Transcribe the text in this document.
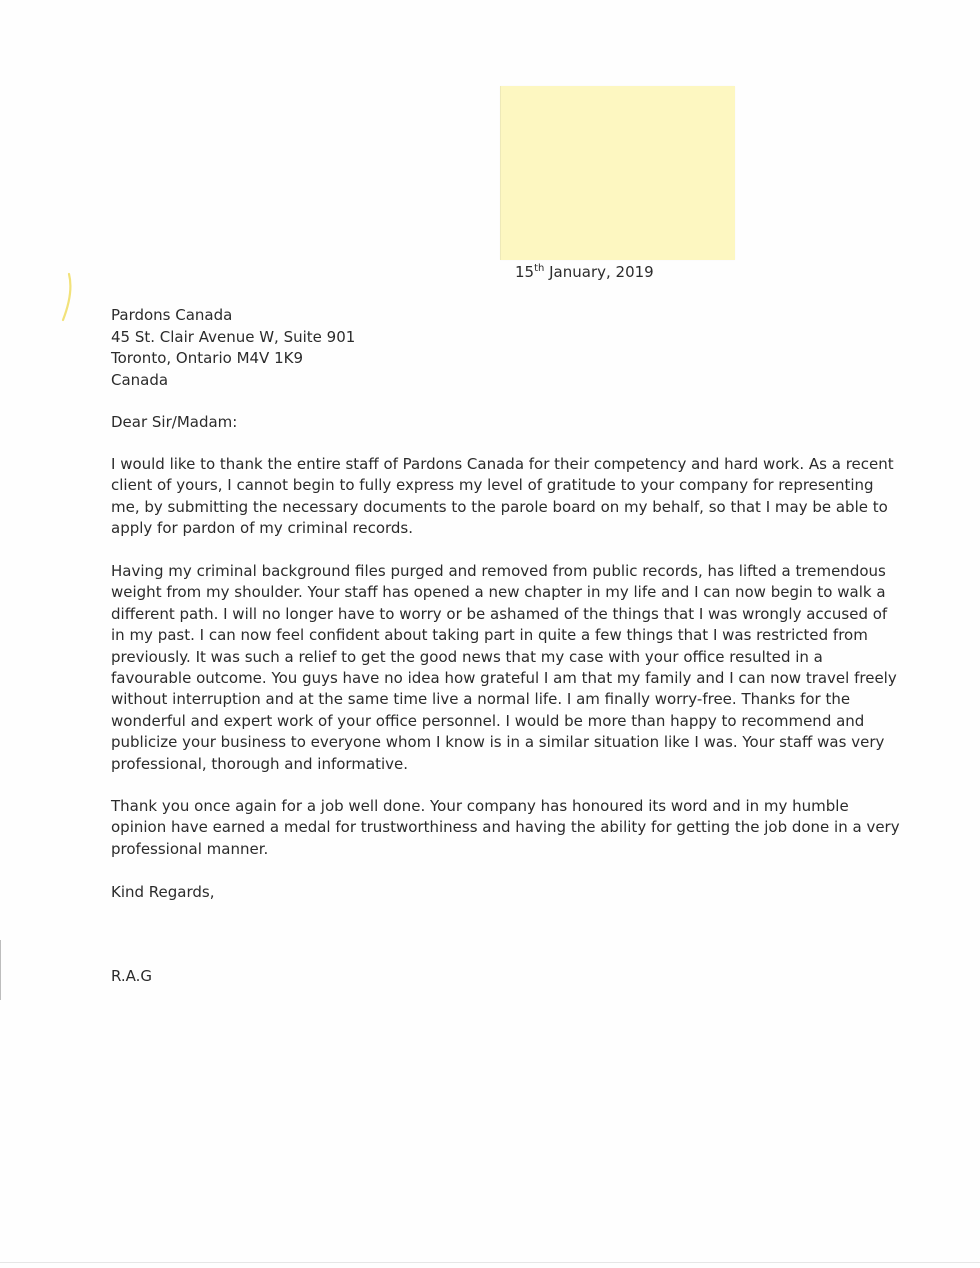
15th January, 2019
Pardons Canada
45 St. Clair Avenue W, Suite 901
Toronto, Ontario M4V 1K9
Canada
Dear Sir/Madam:

I would like to thank the entire staff of Pardons Canada for their competency and hard work. As a recent
client of yours, I cannot begin to fully express my level of gratitude to your company for representing
me, by submitting the necessary documents to the parole board on my behalf, so that I may be able to
apply for pardon of my criminal records.

Having my criminal background files purged and removed from public records, has lifted a tremendous
weight from my shoulder. Your staff has opened a new chapter in my life and I can now begin to walk a
different path. I will no longer have to worry or be ashamed of the things that I was wrongly accused of
in my past. I can now feel confident about taking part in quite a few things that I was restricted from
previously. It was such a relief to get the good news that my case with your office resulted in a
favourable outcome. You guys have no idea how grateful I am that my family and I can now travel freely
without interruption and at the same time live a normal life. I am finally worry-free. Thanks for the
wonderful and expert work of your office personnel. I would be more than happy to recommend and
publicize your business to everyone whom I know is in a similar situation like I was. Your staff was very
professional, thorough and informative.

Thank you once again for a job well done. Your company has honoured its word and in my humble
opinion have earned a medal for trustworthiness and having the ability for getting the job done in a very
professional manner.

Kind Regards,
R.A.G
